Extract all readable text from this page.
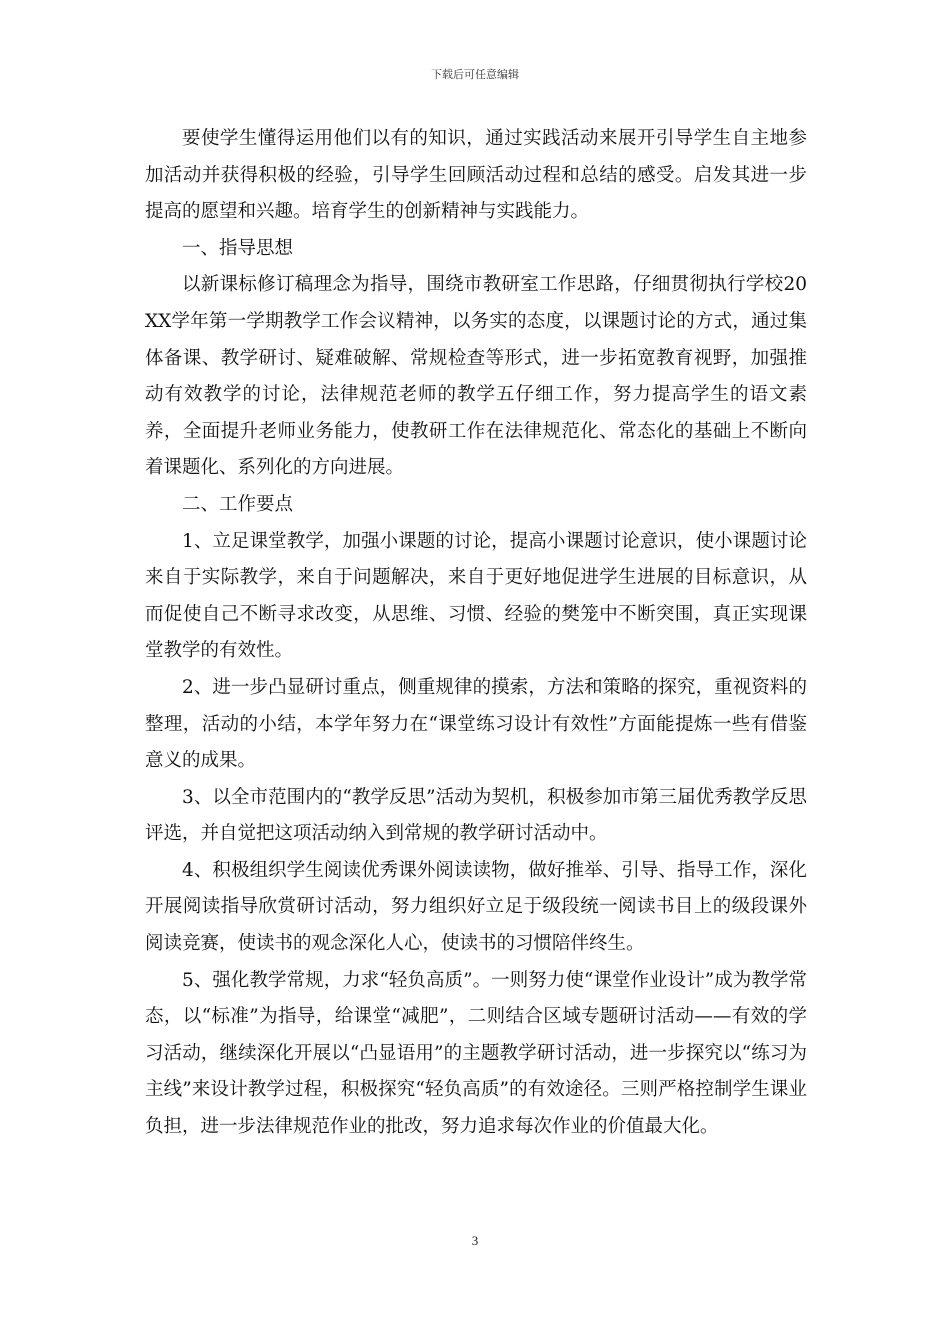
下载后可任意编辑

要使学生懂得运用他们以有的知识，通过实践活动来展开引导学生自主地参加活动并获得积极的经验，引导学生回顾活动过程和总结的感受。启发其进一步提高的愿望和兴趣。培育学生的创新精神与实践能力。

一、指导思想

以新课标修订稿理念为指导，围绕市教研室工作思路，仔细贯彻执行学校20XX学年第一学期教学工作会议精神，以务实的态度，以课题讨论的方式，通过集体备课、教学研讨、疑难破解、常规检查等形式，进一步拓宽教育视野，加强推动有效教学的讨论，法律规范老师的教学五仔细工作，努力提高学生的语文素养，全面提升老师业务能力，使教研工作在法律规范化、常态化的基础上不断向着课题化、系列化的方向进展。

二、工作要点

1、立足课堂教学，加强小课题的讨论，提高小课题讨论意识，使小课题讨论来自于实际教学，来自于问题解决，来自于更好地促进学生进展的目标意识，从而促使自己不断寻求改变，从思维、习惯、经验的樊笼中不断突围，真正实现课堂教学的有效性。

2、进一步凸显研讨重点，侧重规律的摸索，方法和策略的探究，重视资料的整理，活动的小结，本学年努力在“课堂练习设计有效性”方面能提炼一些有借鉴意义的成果。

3、以全市范围内的“教学反思”活动为契机，积极参加市第三届优秀教学反思评选，并自觉把这项活动纳入到常规的教学研讨活动中。

4、积极组织学生阅读优秀课外阅读读物，做好推举、引导、指导工作，深化开展阅读指导欣赏研讨活动，努力组织好立足于级段统一阅读书目上的级段课外阅读竞赛，使读书的观念深化人心，使读书的习惯陪伴终生。

5、强化教学常规，力求“轻负高质”。一则努力使“课堂作业设计”成为教学常态，以“标准”为指导，给课堂“减肥”，二则结合区域专题研讨活动——有效的学习活动，继续深化开展以“凸显语用”的主题教学研讨活动，进一步探究以“练习为主线”来设计教学过程，积极探究“轻负高质”的有效途径。三则严格控制学生课业负担，进一步法律规范作业的批改，努力追求每次作业的价值最大化。

3
